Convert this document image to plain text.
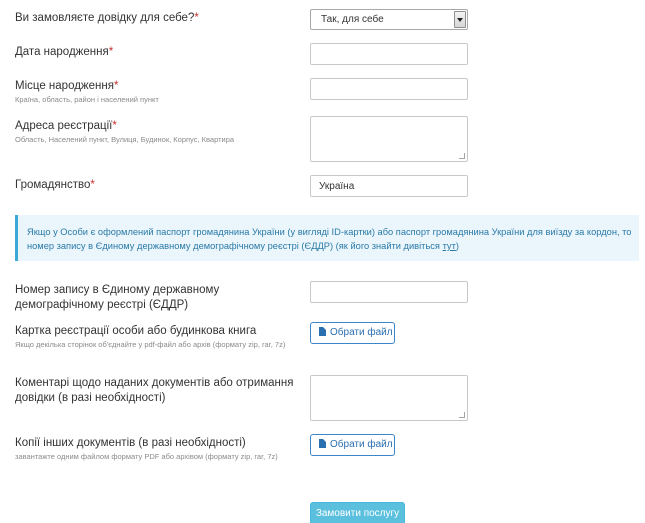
Ви замовляєте довідку для себе?*	Так, для себе
Дата народження*
Місце народження*
Країна, область, район і населений пункт
Адреса реєстрації*
Область, Населений пункт, Вулиця, Будинок, Корпус, Квартира
Громадянство*
Україна
Якщо у Особи є оформлений паспорт громадянина України (у вигляді ID-картки) або паспорт громадянина України для виїзду за кордон, то номер запису в Єдиному державному демографічному реєстрі (ЄДДР) (як його знайти дивіться тут)
Номер запису в Єдиному державному демографічному реєстрі (ЄДДР)
Картка реєстрації особи або будинкова книга
Якщо декілька сторінок об'єднайте у pdf-файл або архів (формату zip, rar, 7z)
Обрати файл
Коментарі щодо наданих документів або отримання довідки (в разі необхідності)
Копії інших документів (в разі необхідності)
завантажте одним файлом формату PDF або архівом (формату zip, rar, 7z)
Обрати файл
Замовити послугу
